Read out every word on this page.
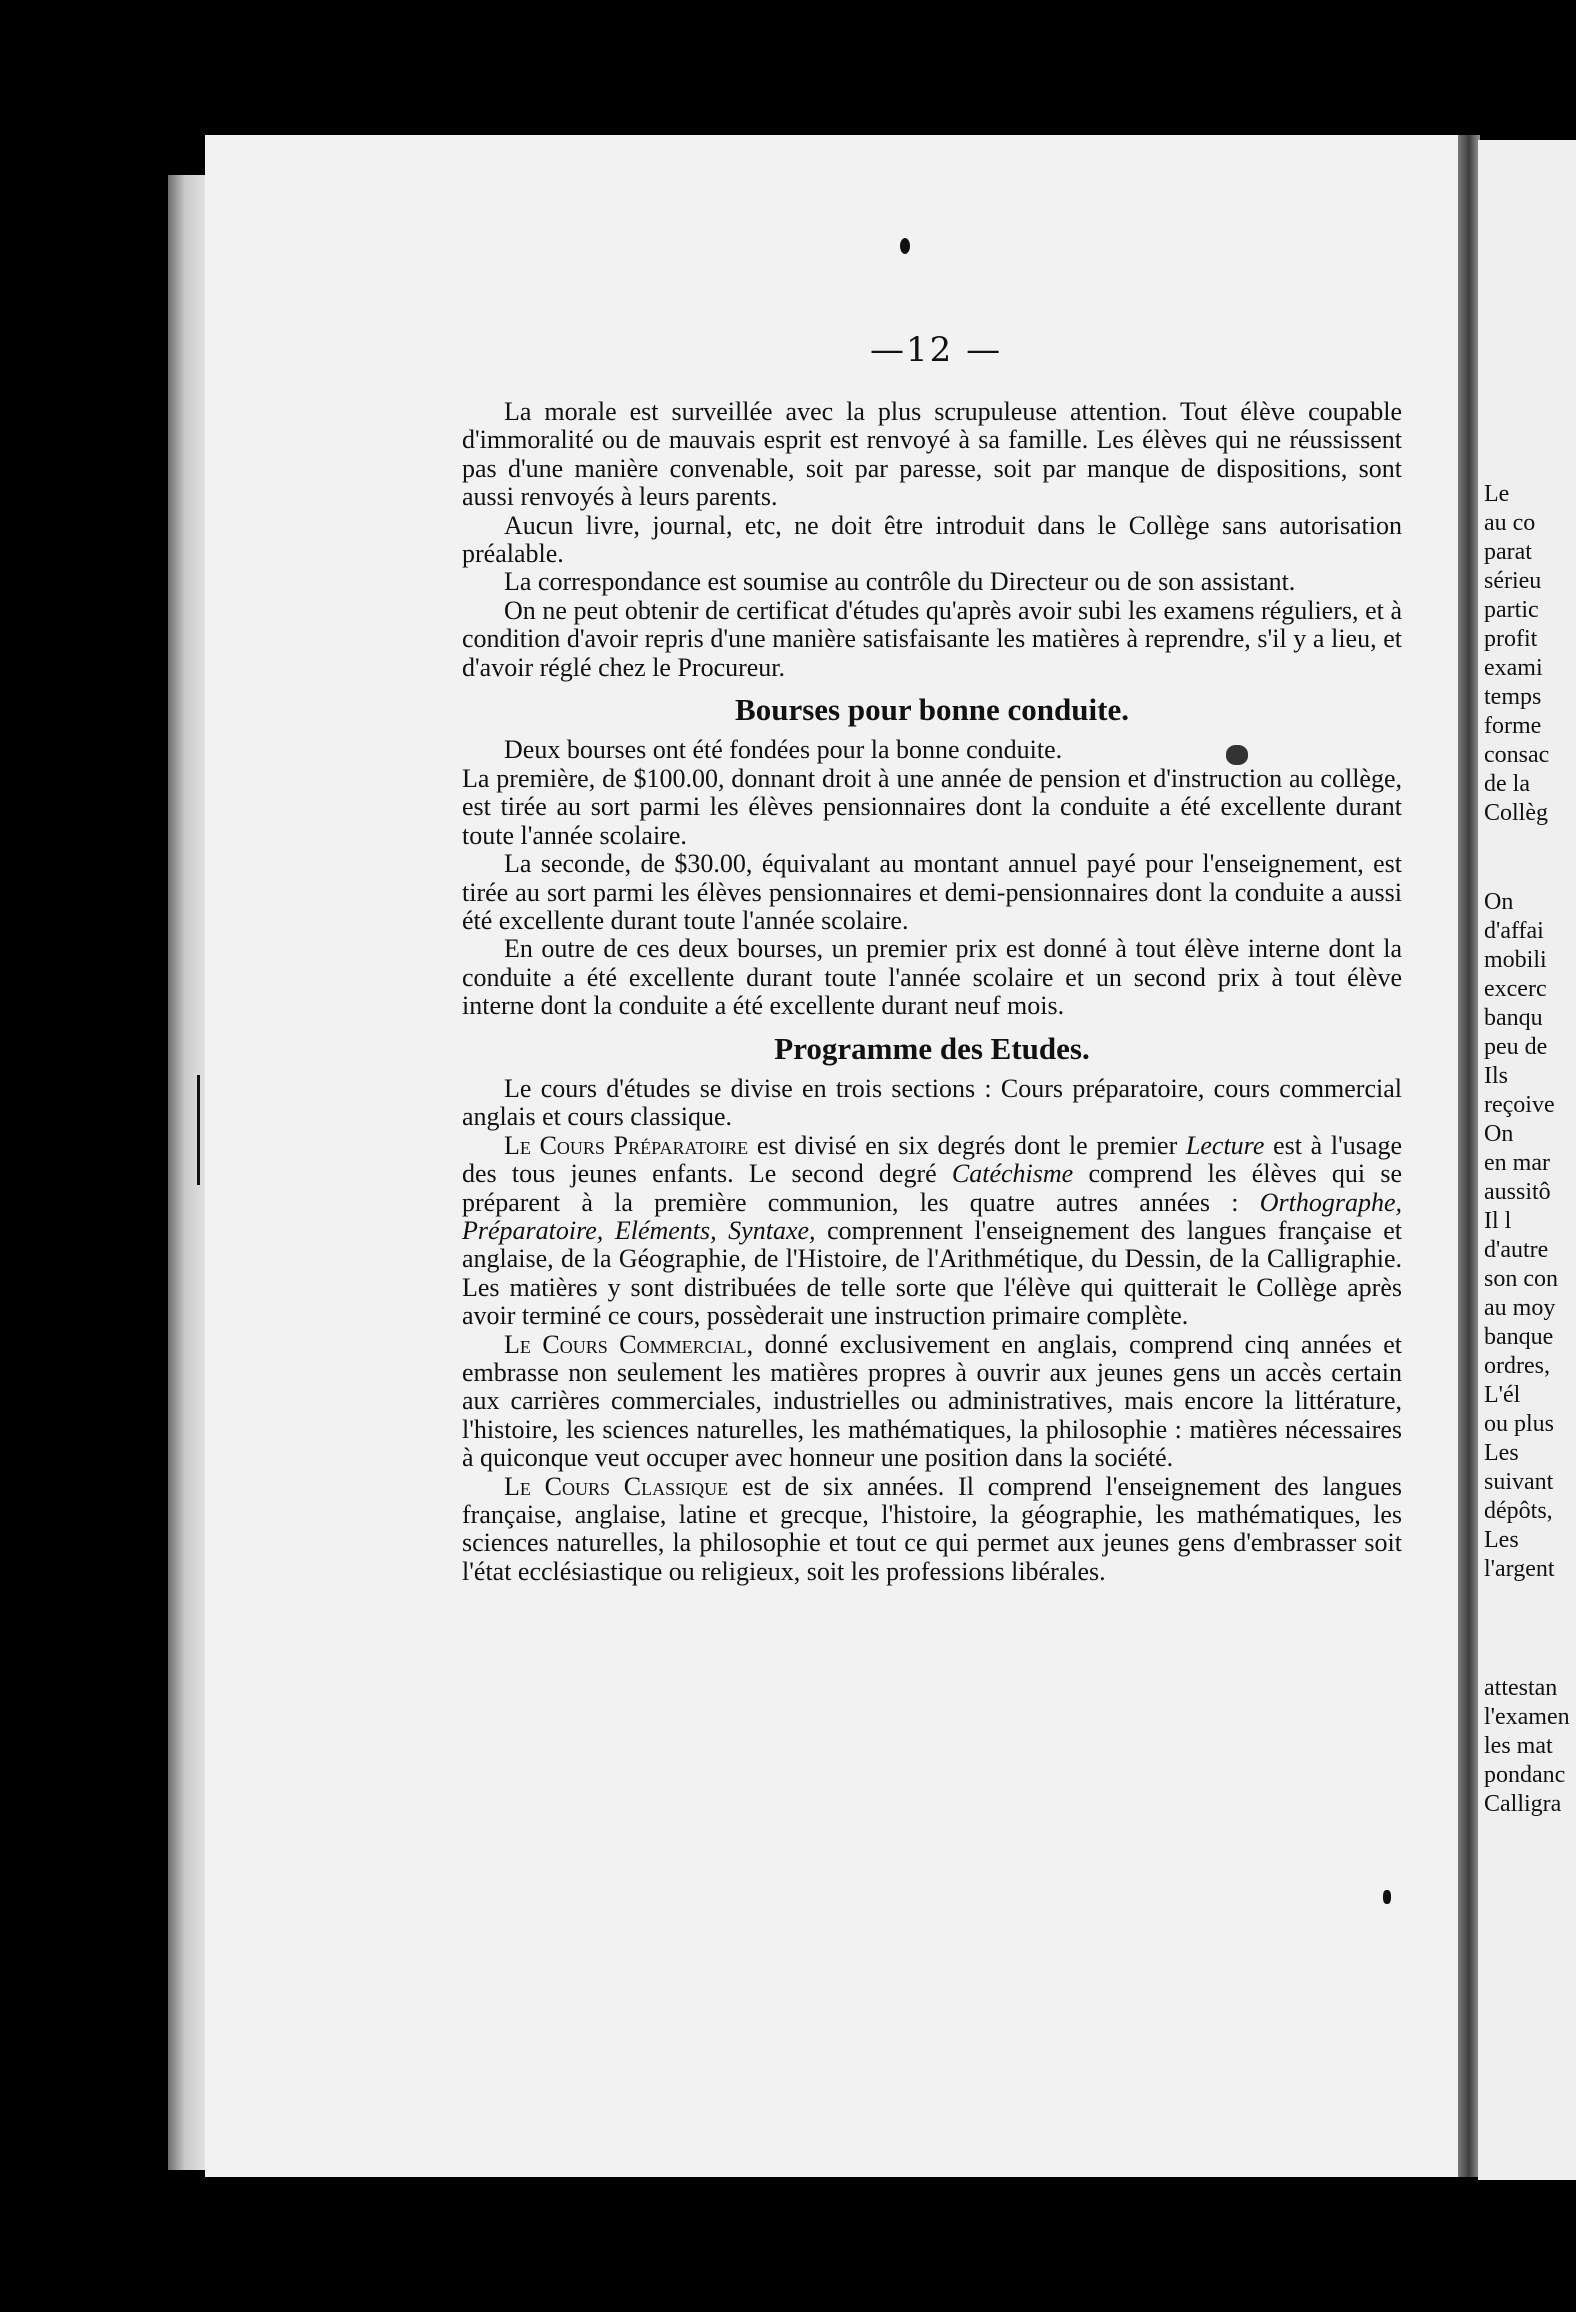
—12 —

La morale est surveillée avec la plus scrupuleuse attention. Tout élève coupable d'immoralité ou de mauvais esprit est renvoyé à sa famille. Les élèves qui ne réussissent pas d'une manière convenable, soit par paresse, soit par manque de dispositions, sont aussi renvoyés à leurs parents.

Aucun livre, journal, etc, ne doit être introduit dans le Collège sans autorisation préalable.

La correspondance est soumise au contrôle du Directeur ou de son assistant.

On ne peut obtenir de certificat d'études qu'après avoir subi les examens réguliers, et à condition d'avoir repris d'une manière satisfaisante les matières à reprendre, s'il y a lieu, et d'avoir réglé chez le Procureur.

Bourses pour bonne conduite.

Deux bourses ont été fondées pour la bonne conduite.

La première, de $100.00, donnant droit à une année de pension et d'instruction au collège, est tirée au sort parmi les élèves pensionnaires dont la conduite a été excellente durant toute l'année scolaire.

La seconde, de $30.00, équivalant au montant annuel payé pour l'enseignement, est tirée au sort parmi les élèves pensionnaires et demi-pensionnaires dont la conduite a aussi été excellente durant toute l'année scolaire.

En outre de ces deux bourses, un premier prix est donné à tout élève interne dont la conduite a été excellente durant toute l'année scolaire et un second prix à tout élève interne dont la conduite a été excellente durant neuf mois.

Programme des Etudes.

Le cours d'études se divise en trois sections : Cours préparatoire, cours commercial anglais et cours classique.

Le Cours Préparatoire est divisé en six degrés dont le premier Lecture est à l'usage des tous jeunes enfants. Le second degré Catéchisme comprend les élèves qui se préparent à la première communion, les quatre autres années : Orthographe, Préparatoire, Eléments, Syntaxe, comprennent l'enseignement des langues française et anglaise, de la Géographie, de l'Histoire, de l'Arithmétique, du Dessin, de la Calligraphie. Les matières y sont distribuées de telle sorte que l'élève qui quitterait le Collège après avoir terminé ce cours, possèderait une instruction primaire complète.

Le Cours Commercial, donné exclusivement en anglais, comprend cinq années et embrasse non seulement les matières propres à ouvrir aux jeunes gens un accès certain aux carrières commerciales, industrielles ou administratives, mais encore la littérature, l'histoire, les sciences naturelles, les mathématiques, la philosophie : matières nécessaires à quiconque veut occuper avec honneur une position dans la société.

Le Cours Classique est de six années. Il comprend l'enseignement des langues française, anglaise, latine et grecque, l'histoire, la géographie, les mathématiques, les sciences naturelles, la philosophie et tout ce qui permet aux jeunes gens d'embrasser soit l'état ecclésiastique ou religieux, soit les professions libérales.

Le
au co
parat
sérieu
partic
profit
exami
temps
forme
consac
de la
Collèg
On
d'affai
mobili
excerc
banqu
peu de
Ils
reçoive
On
en mar
aussitô
Il l
d'autre
son con
au moy
banque
ordres,
L'él
ou plus
Les
suivant
dépôts,
Les
l'argent
attestan
l'examen
les mat
pondanc
Calligra
